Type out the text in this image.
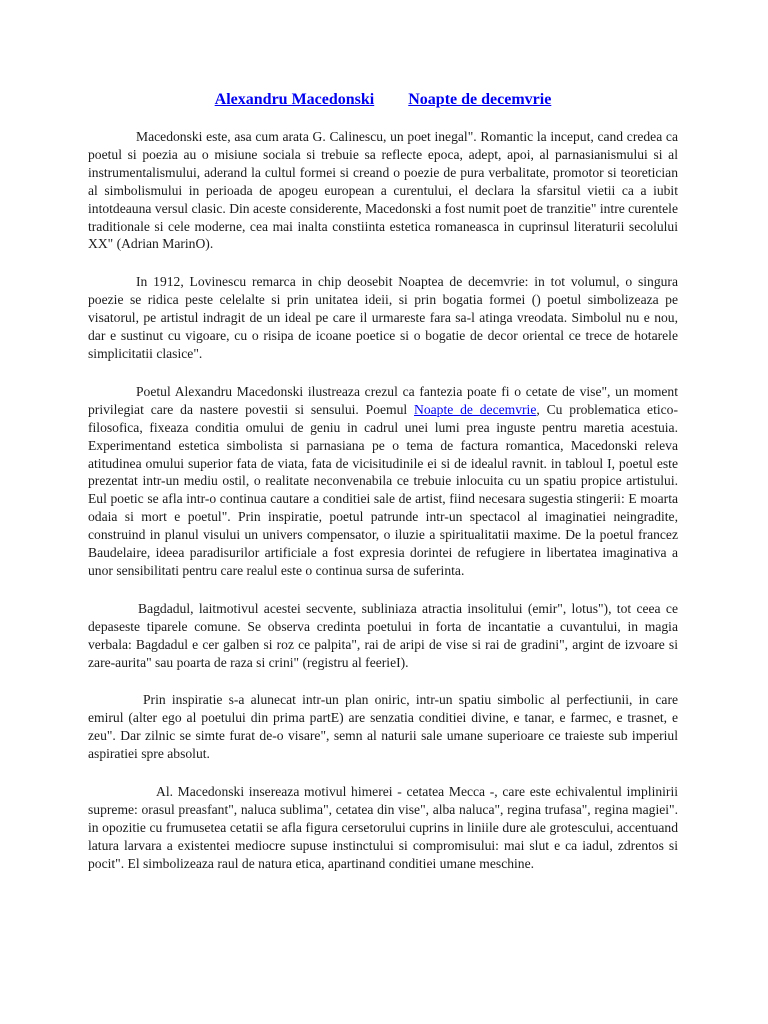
Alexandru Macedonski Noapte de decemvrie

Macedonski este, asa cum arata G. Calinescu, un poet inegal". Romantic la inceput, cand credea ca poetul si poezia au o misiune sociala si trebuie sa reflecte epoca, adept, apoi, al parnasianismului si al instrumentalismului, aderand la cultul formei si creand o poezie de pura verbalitate, promotor si teoretician al simbolismului in perioada de apogeu european a curentului, el declara la sfarsitul vietii ca a iubit intotdeauna versul clasic. Din aceste considerente, Macedonski a fost numit poet de tranzitie" intre curentele traditionale si cele moderne, cea mai inalta constiinta estetica romaneasca in cuprinsul literaturii secolului XX" (Adrian MarinO).

In 1912, Lovinescu remarca in chip deosebit Noaptea de decemvrie: in tot volumul, o singura poezie se ridica peste celelalte si prin unitatea ideii, si prin bogatia formei () poetul simbolizeaza pe visatorul, pe artistul indragit de un ideal pe care il urmareste fara sa-l atinga vreodata. Simbolul nu e nou, dar e sustinut cu vigoare, cu o risipa de icoane poetice si o bogatie de decor oriental ce trece de hotarele simplicitatii clasice".

Poetul Alexandru Macedonski ilustreaza crezul ca fantezia poate fi o cetate de vise", un moment privilegiat care da nastere povestii si sensului. Poemul Noapte de decemvrie, Cu problematica etico-filosofica, fixeaza conditia omului de geniu in cadrul unei lumi prea inguste pentru maretia acestuia. Experimentand estetica simbolista si parnasiana pe o tema de factura romantica, Macedonski releva atitudinea omului superior fata de viata, fata de vicisitudinile ei si de idealul ravnit. in tabloul I, poetul este prezentat intr-un mediu ostil, o realitate neconvenabila ce trebuie inlocuita cu un spatiu propice artistului. Eul poetic se afla intr-o continua cautare a conditiei sale de artist, fiind necesara sugestia stingerii: E moarta odaia si mort e poetul". Prin inspiratie, poetul patrunde intr-un spectacol al imaginatiei neingradite, construind in planul visului un univers compensator, o iluzie a spiritualitatii maxime. De la poetul francez Baudelaire, ideea paradisurilor artificiale a fost expresia dorintei de refugiere in libertatea imaginativa a unor sensibilitati pentru care realul este o continua sursa de suferinta.

Bagdadul, laitmotivul acestei secvente, subliniaza atractia insolitului (emir", lotus"), tot ceea ce depaseste tiparele comune. Se observa credinta poetului in forta de incantatie a cuvantului, in magia verbala: Bagdadul e cer galben si roz ce palpita", rai de aripi de vise si rai de gradini", argint de izvoare si zare-aurita" sau poarta de raza si crini" (registru al feerieI).

Prin inspiratie s-a alunecat intr-un plan oniric, intr-un spatiu simbolic al perfectiunii, in care emirul (alter ego al poetului din prima partE) are senzatia conditiei divine, e tanar, e farmec, e trasnet, e zeu". Dar zilnic se simte furat de-o visare", semn al naturii sale umane superioare ce traieste sub imperiul aspiratiei spre absolut.

Al. Macedonski insereaza motivul himerei - cetatea Mecca -, care este echivalentul implinirii supreme: orasul preasfant", naluca sublima", cetatea din vise", alba naluca", regina trufasa", regina magiei". in opozitie cu frumusetea cetatii se afla figura cersetorului cuprins in liniile dure ale grotescului, accentuand latura larvara a existentei mediocre supuse instinctului si compromisului: mai slut e ca iadul, zdrentos si pocit". El simbolizeaza raul de natura etica, apartinand conditiei umane meschine.
